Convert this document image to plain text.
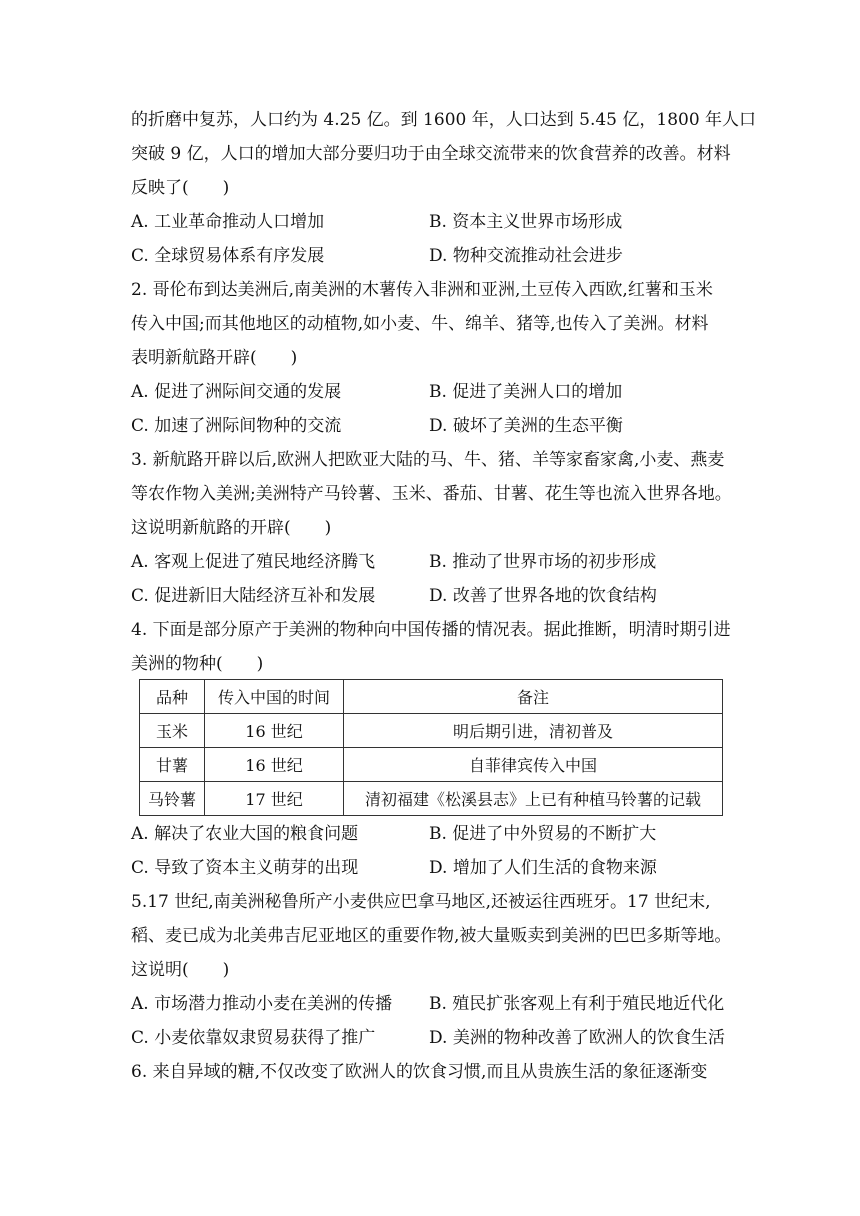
的折磨中复苏，人口约为 4.25 亿。到 1600 年，人口达到 5.45 亿，1800 年人口
突破 9 亿，人口的增加大部分要归功于由全球交流带来的饮食营养的改善。材料
反映了(　　)
A. 工业革命推动人口增加	B. 资本主义世界市场形成
C. 全球贸易体系有序发展	D. 物种交流推动社会进步
2. 哥伦布到达美洲后,南美洲的木薯传入非洲和亚洲,土豆传入西欧,红薯和玉米
传入中国;而其他地区的动植物,如小麦、牛、绵羊、猪等,也传入了美洲。材料
表明新航路开辟(　　)
A. 促进了洲际间交通的发展	B. 促进了美洲人口的增加
C. 加速了洲际间物种的交流	D. 破坏了美洲的生态平衡
3. 新航路开辟以后,欧洲人把欧亚大陆的马、牛、猪、羊等家畜家禽,小麦、燕麦
等农作物入美洲;美洲特产马铃薯、玉米、番茄、甘薯、花生等也流入世界各地。
这说明新航路的开辟(　　)
A. 客观上促进了殖民地经济腾飞	B. 推动了世界市场的初步形成
C. 促进新旧大陆经济互补和发展	D. 改善了世界各地的饮食结构
4. 下面是部分原产于美洲的物种向中国传播的情况表。据此推断，明清时期引进
美洲的物种(　　)
品种	传入中国的时间	备注
玉米	16 世纪	明后期引进，清初普及
甘薯	16 世纪	自菲律宾传入中国
马铃薯	17 世纪	清初福建《松溪县志》上已有种植马铃薯的记载
A. 解决了农业大国的粮食问题	B. 促进了中外贸易的不断扩大
C. 导致了资本主义萌芽的出现	D. 增加了人们生活的食物来源
5.17 世纪,南美洲秘鲁所产小麦供应巴拿马地区,还被运往西班牙。17 世纪末,
稻、麦已成为北美弗吉尼亚地区的重要作物,被大量贩卖到美洲的巴巴多斯等地。
这说明(　　)
A. 市场潜力推动小麦在美洲的传播 B. 殖民扩张客观上有利于殖民地近代化
C. 小麦依靠奴隶贸易获得了推广	D. 美洲的物种改善了欧洲人的饮食生活
6. 来自异域的糖,不仅改变了欧洲人的饮食习惯,而且从贵族生活的象征逐渐变
